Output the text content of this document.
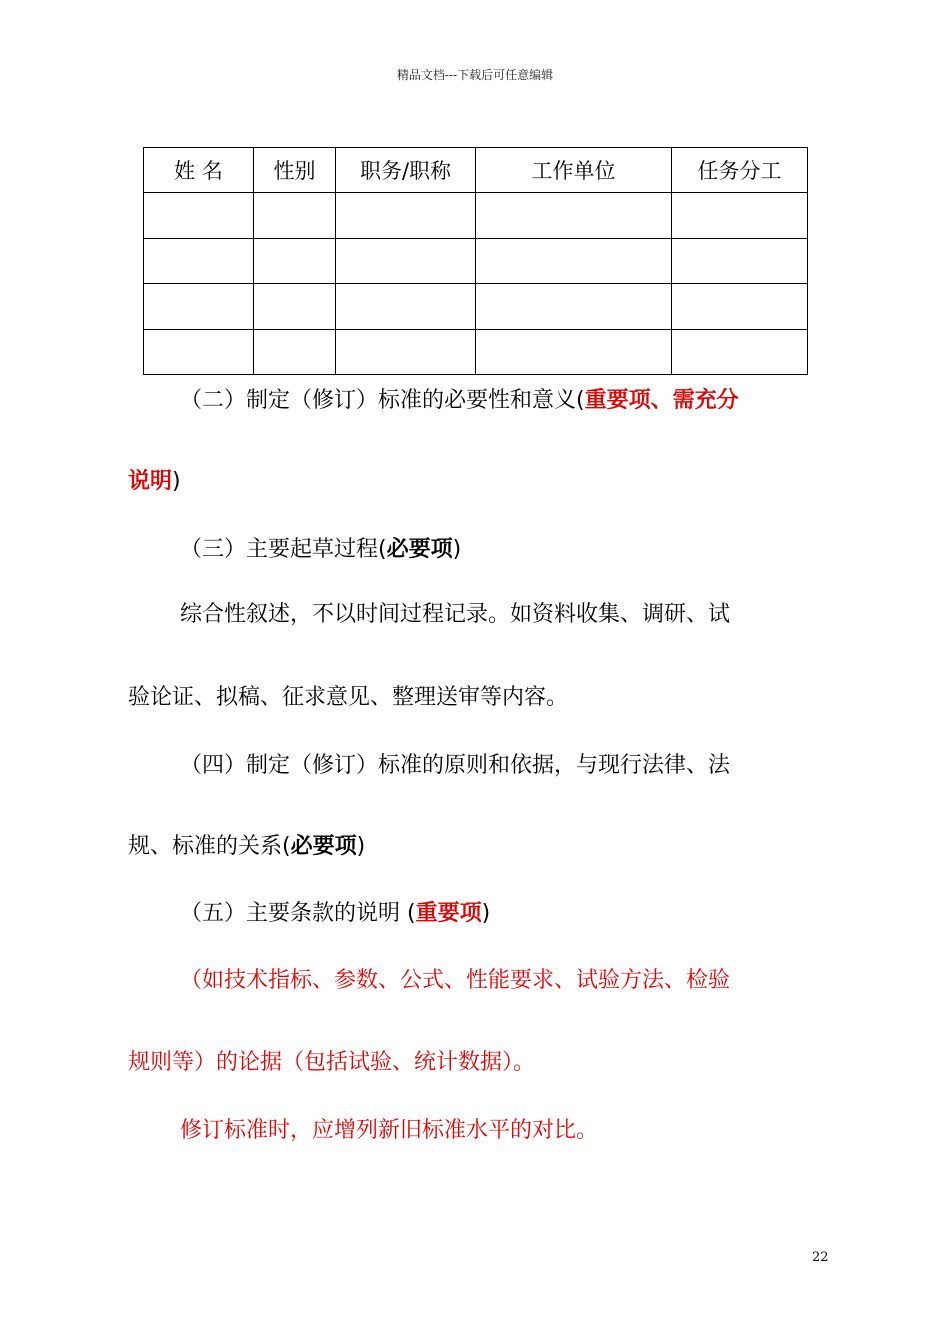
精品文档---下载后可任意编辑
姓 名	性别	职务/职称	工作单位	任务分工

（二）制定（修订）标准的必要性和意义(重要项、需充分
说明)
（三）主要起草过程(必要项)
综合性叙述，不以时间过程记录。如资料收集、调研、试
验论证、拟稿、征求意见、整理送审等内容。
（四）制定（修订）标准的原则和依据，与现行法律、法
规、标准的关系(必要项)
（五）主要条款的说明 (重要项)
（如技术指标、参数、公式、性能要求、试验方法、检验
规则等）的论据（包括试验、统计数据）。
修订标准时，应增列新旧标准水平的对比。
22
